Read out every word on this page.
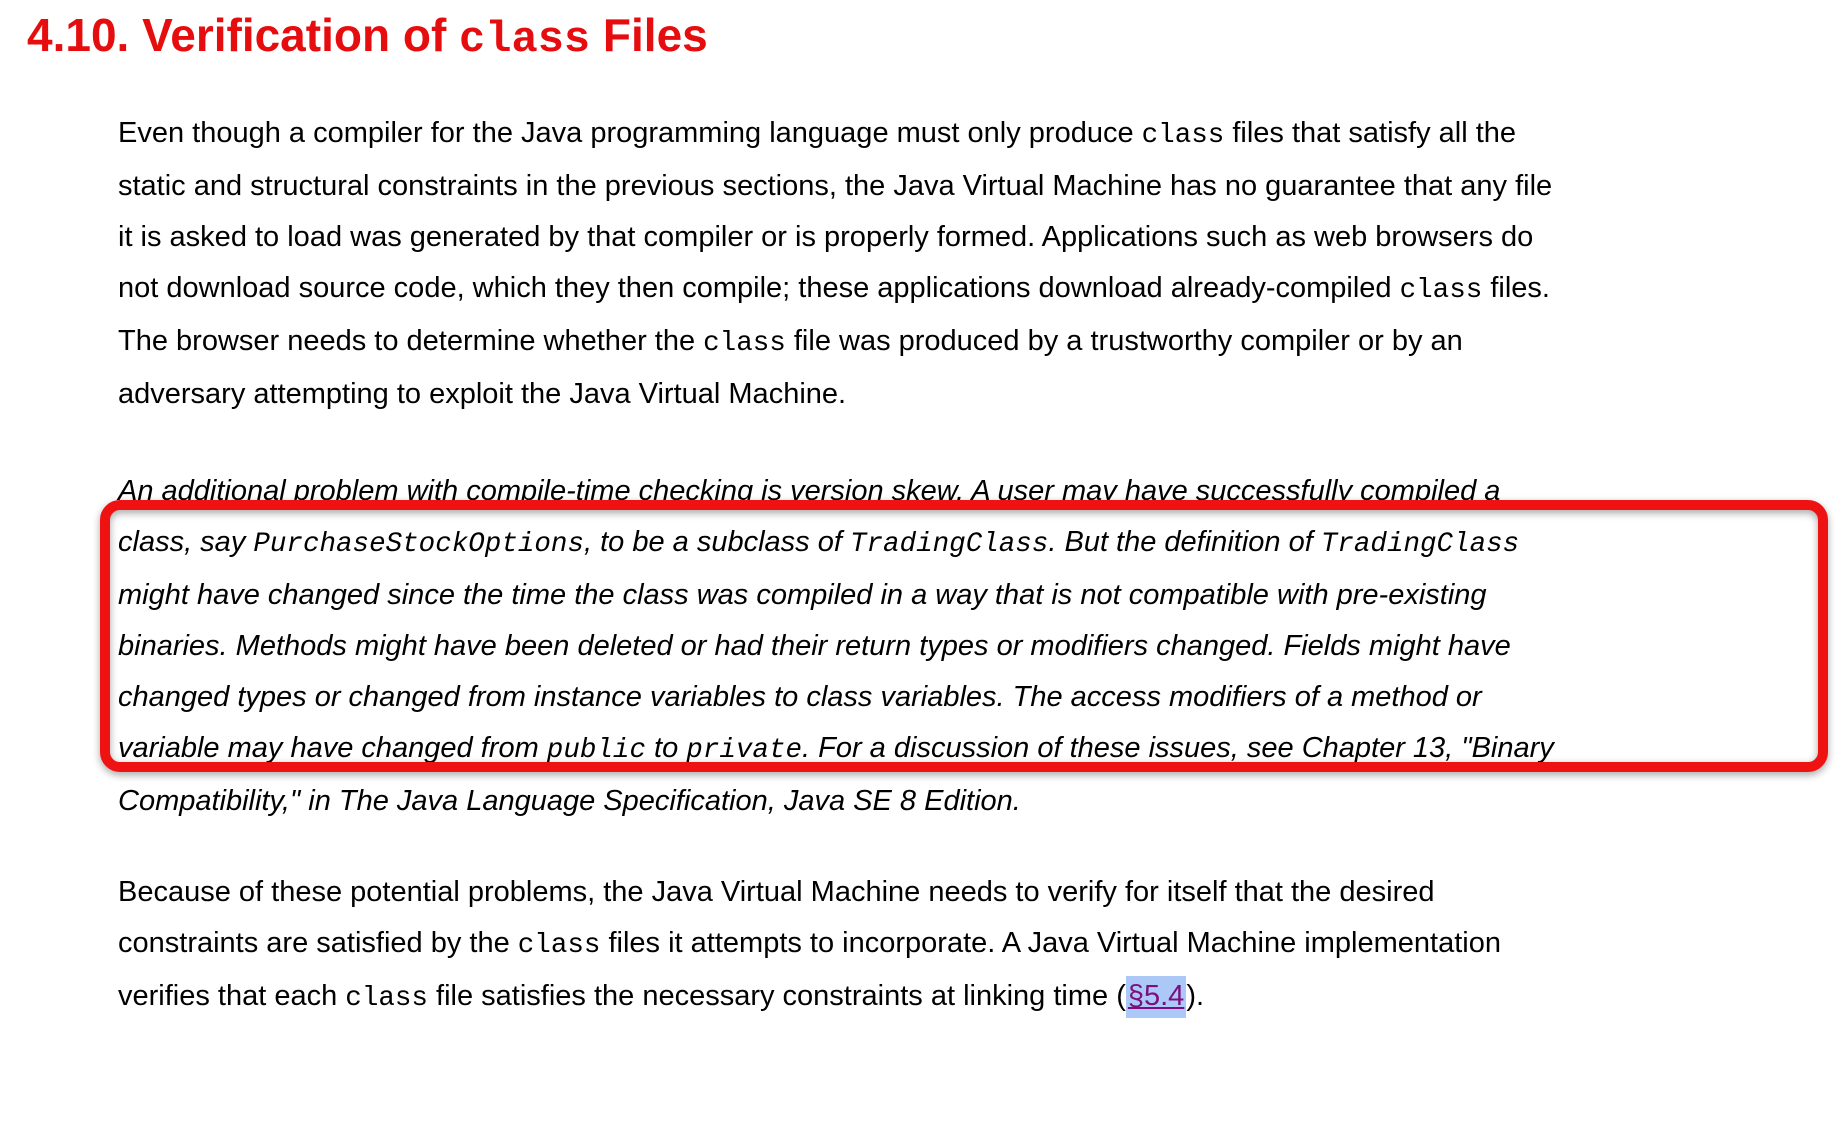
4.10. Verification of class Files

Even though a compiler for the Java programming language must only produce class files that satisfy all the static and structural constraints in the previous sections, the Java Virtual Machine has no guarantee that any file it is asked to load was generated by that compiler or is properly formed. Applications such as web browsers do not download source code, which they then compile; these applications download already-compiled class files. The browser needs to determine whether the class file was produced by a trustworthy compiler or by an adversary attempting to exploit the Java Virtual Machine.

An additional problem with compile-time checking is version skew. A user may have successfully compiled a class, say PurchaseStockOptions, to be a subclass of TradingClass. But the definition of TradingClass might have changed since the time the class was compiled in a way that is not compatible with pre-existing binaries. Methods might have been deleted or had their return types or modifiers changed. Fields might have changed types or changed from instance variables to class variables. The access modifiers of a method or variable may have changed from public to private. For a discussion of these issues, see Chapter 13, "Binary Compatibility," in The Java Language Specification, Java SE 8 Edition.

Because of these potential problems, the Java Virtual Machine needs to verify for itself that the desired constraints are satisfied by the class files it attempts to incorporate. A Java Virtual Machine implementation verifies that each class file satisfies the necessary constraints at linking time (§5.4).
